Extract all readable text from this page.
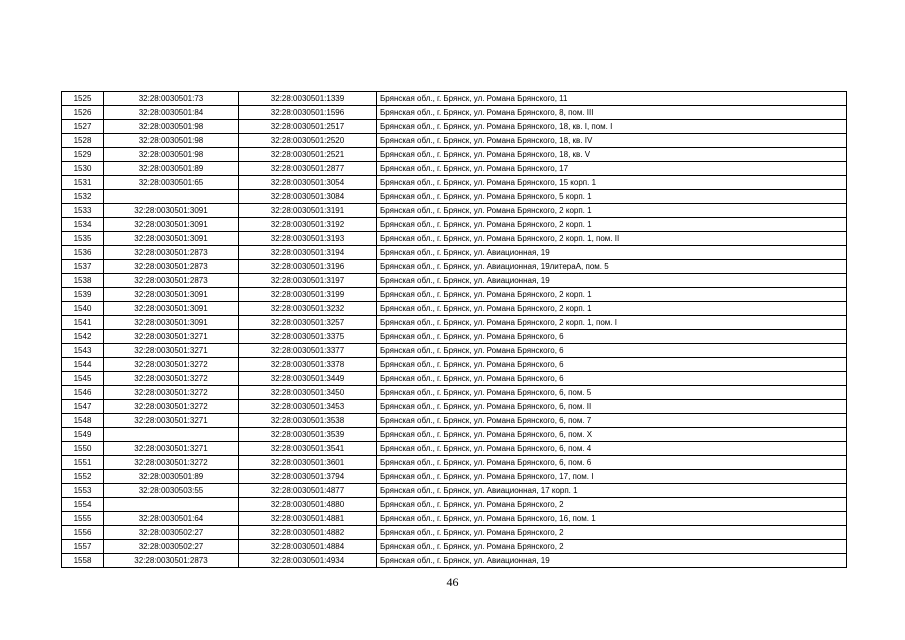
1525	32:28:0030501:73	32:28:0030501:1339	Брянская обл., г. Брянск, ул. Романа Брянского, 11
1526	32:28:0030501:84	32:28:0030501:1596	Брянская обл., г. Брянск, ул. Романа Брянского, 8, пом. III
1527	32:28:0030501:98	32:28:0030501:2517	Брянская обл., г. Брянск, ул. Романа Брянского, 18, кв. I, пом. I
1528	32:28:0030501:98	32:28:0030501:2520	Брянская обл., г. Брянск, ул. Романа Брянского, 18, кв. IV
1529	32:28:0030501:98	32:28:0030501:2521	Брянская обл., г. Брянск, ул. Романа Брянского, 18, кв. V
1530	32:28:0030501:89	32:28:0030501:2877	Брянская обл., г. Брянск, ул. Романа Брянского, 17
1531	32:28:0030501:65	32:28:0030501:3054	Брянская обл., г. Брянск, ул. Романа Брянского, 15 корп. 1
1532		32:28:0030501:3084	Брянская обл., г. Брянск, ул. Романа Брянского, 5 корп. 1
1533	32:28:0030501:3091	32:28:0030501:3191	Брянская обл., г. Брянск, ул. Романа Брянского, 2 корп. 1
1534	32:28:0030501:3091	32:28:0030501:3192	Брянская обл., г. Брянск, ул. Романа Брянского, 2 корп. 1
1535	32:28:0030501:3091	32:28:0030501:3193	Брянская обл., г. Брянск, ул. Романа Брянского, 2 корп. 1, пом. II
1536	32:28:0030501:2873	32:28:0030501:3194	Брянская обл., г. Брянск, ул. Авиационная, 19
1537	32:28:0030501:2873	32:28:0030501:3196	Брянская обл., г. Брянск, ул. Авиационная, 19литераА, пом. 5
1538	32:28:0030501:2873	32:28:0030501:3197	Брянская обл., г. Брянск, ул. Авиационная, 19
1539	32:28:0030501:3091	32:28:0030501:3199	Брянская обл., г. Брянск, ул. Романа Брянского, 2 корп. 1
1540	32:28:0030501:3091	32:28:0030501:3232	Брянская обл., г. Брянск, ул. Романа Брянского, 2 корп. 1
1541	32:28:0030501:3091	32:28:0030501:3257	Брянская обл., г. Брянск, ул. Романа Брянского, 2 корп. 1, пом. I
1542	32:28:0030501:3271	32:28:0030501:3375	Брянская обл., г. Брянск, ул. Романа Брянского, 6
1543	32:28:0030501:3271	32:28:0030501:3377	Брянская обл., г. Брянск, ул. Романа Брянского, 6
1544	32:28:0030501:3272	32:28:0030501:3378	Брянская обл., г. Брянск, ул. Романа Брянского, 6
1545	32:28:0030501:3272	32:28:0030501:3449	Брянская обл., г. Брянск, ул. Романа Брянского, 6
1546	32:28:0030501:3272	32:28:0030501:3450	Брянская обл., г. Брянск, ул. Романа Брянского, 6, пом. 5
1547	32:28:0030501:3272	32:28:0030501:3453	Брянская обл., г. Брянск, ул. Романа Брянского, 6, пом. II
1548	32:28:0030501:3271	32:28:0030501:3538	Брянская обл., г. Брянск, ул. Романа Брянского, 6, пом. 7
1549		32:28:0030501:3539	Брянская обл., г. Брянск, ул. Романа Брянского, 6, пом. X
1550	32:28:0030501:3271	32:28:0030501:3541	Брянская обл., г. Брянск, ул. Романа Брянского, 6, пом. 4
1551	32:28:0030501:3272	32:28:0030501:3601	Брянская обл., г. Брянск, ул. Романа Брянского, 6, пом. 6
1552	32:28:0030501:89	32:28:0030501:3794	Брянская обл., г. Брянск, ул. Романа Брянского, 17, пом. I
1553	32:28:0030503:55	32:28:0030501:4877	Брянская обл., г. Брянск, ул. Авиационная, 17 корп. 1
1554		32:28:0030501:4880	Брянская обл., г. Брянск, ул. Романа Брянского, 2
1555	32:28:0030501:64	32:28:0030501:4881	Брянская обл., г. Брянск, ул. Романа Брянского, 16, пом. 1
1556	32:28:0030502:27	32:28:0030501:4882	Брянская обл., г. Брянск, ул. Романа Брянского, 2
1557	32:28:0030502:27	32:28:0030501:4884	Брянская обл., г. Брянск, ул. Романа Брянского, 2
1558	32:28:0030501:2873	32:28:0030501:4934	Брянская обл., г. Брянск, ул. Авиационная, 19
46
